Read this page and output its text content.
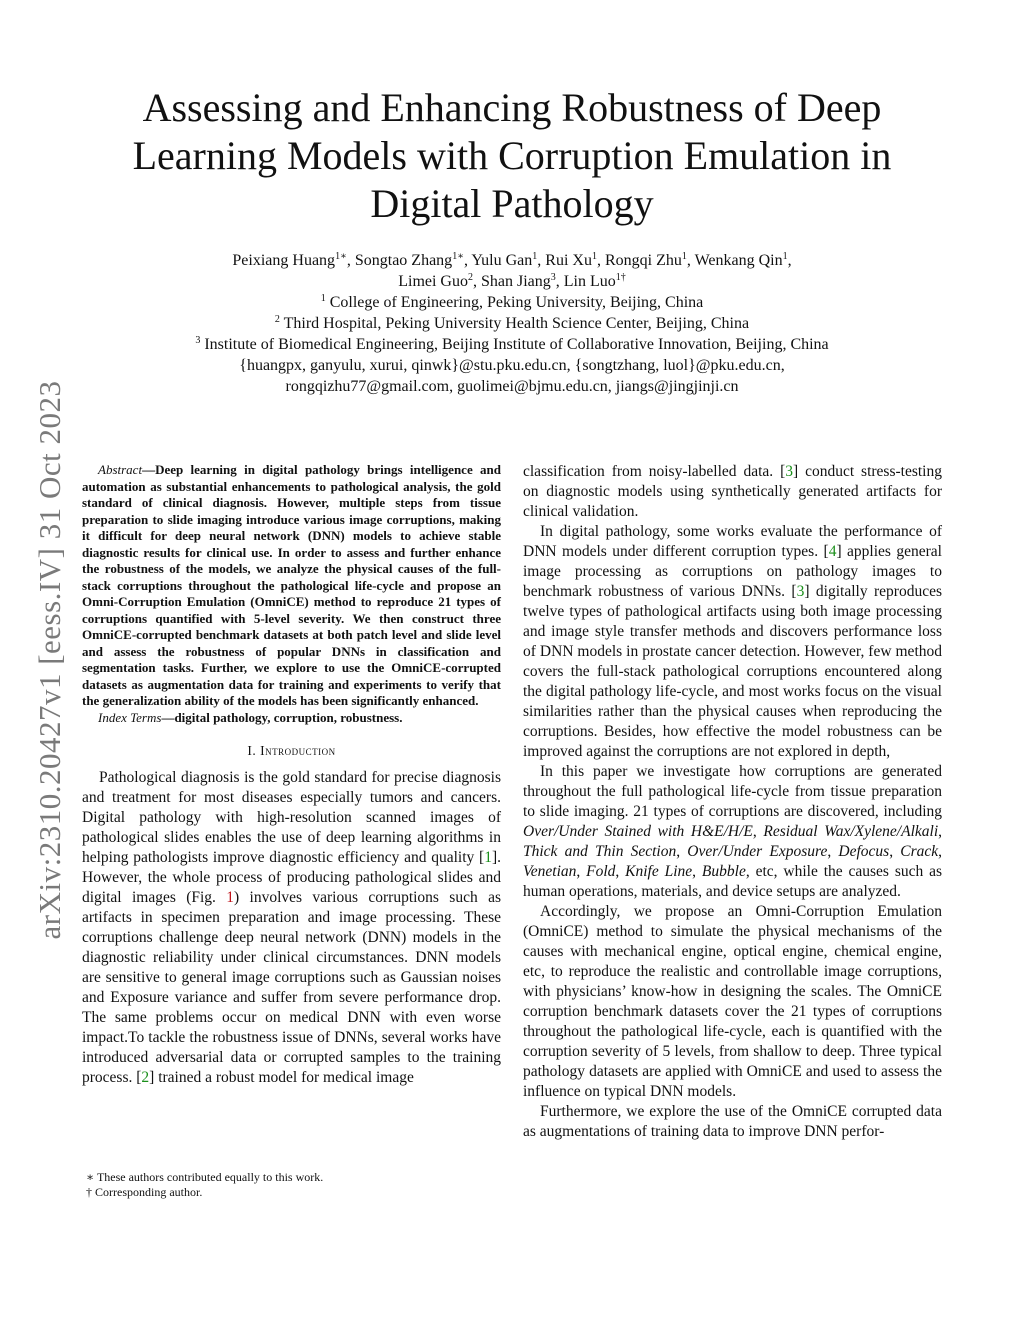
arXiv:2310.20427v1 [eess.IV] 31 Oct 2023
Assessing and Enhancing Robustness of Deep Learning Models with Corruption Emulation in Digital Pathology

Peixiang Huang$^{1∗}$, Songtao Zhang$^{1∗}$, Yulu Gan$^1$, Rui Xu$^1$, Rongqi Zhu$^1$, Wenkang Qin$^1$,

Limei Guo$^2$, Shan Jiang$^3$, Lin Luo$^{1\dagger}$

$^1$ College of Engineering, Peking University, Beijing, China

$^2$ Third Hospital, Peking University Health Science Center, Beijing, China

$^3$ Institute of Biomedical Engineering, Beijing Institute of Collaborative Innovation, Beijing, China

{huangpx, ganyulu, xurui, qinwk}@stu.pku.edu.cn, {songtzhang, luol}@pku.edu.cn,

rongqizhu77@gmail.com, guolimei@bjmu.edu.cn, jiangs@jingjinji.cn

Abstract—Deep learning in digital pathology brings intelligence and automation as substantial enhancements to pathological analysis, the gold standard of clinical diagnosis. However, multiple steps from tissue preparation to slide imaging introduce various image corruptions, making it difficult for deep neural network (DNN) models to achieve stable diagnostic results for clinical use. In order to assess and further enhance the robustness of the models, we analyze the physical causes of the full-stack corruptions throughout the pathological life-cycle and propose an Omni-Corruption Emulation (OmniCE) method to reproduce 21 types of corruptions quantified with 5-level severity. We then construct three OmniCE-corrupted benchmark datasets at both patch level and slide level and assess the robustness of popular DNNs in classification and segmentation tasks. Further, we explore to use the OmniCE-corrupted datasets as augmentation data for training and experiments to verify that the generalization ability of the models has been significantly enhanced.

Index Terms—digital pathology, corruption, robustness.

I. Introduction

Pathological diagnosis is the gold standard for precise diagnosis and treatment for most diseases especially tumors and cancers. Digital pathology with high-resolution scanned images of pathological slides enables the use of deep learning algorithms in helping pathologists improve diagnostic efficiency and quality [1]. However, the whole process of producing pathological slides and digital images (Fig. 1) involves various corruptions such as artifacts in specimen preparation and image processing. These corruptions challenge deep neural network (DNN) models in the diagnostic reliability under clinical circumstances. DNN models are sensitive to general image corruptions such as Gaussian noises and Exposure variance and suffer from severe performance drop. The same problems occur on medical DNN with even worse impact.To tackle the robustness issue of DNNs, several works have introduced adversarial data or corrupted samples to the training process. [2] trained a robust model for medical image

classification from noisy-labelled data. [3] conduct stress-testing on diagnostic models using synthetically generated artifacts for clinical validation.

In digital pathology, some works evaluate the performance of DNN models under different corruption types. [4] applies general image processing as corruptions on pathology images to benchmark robustness of various DNNs. [3] digitally reproduces twelve types of pathological artifacts using both image processing and image style transfer methods and discovers performance loss of DNN models in prostate cancer detection. However, few method covers the full-stack pathological corruptions encountered along the digital pathology life-cycle, and most works focus on the visual similarities rather than the physical causes when reproducing the corruptions. Besides, how effective the model robustness can be improved against the corruptions are not explored in depth,

In this paper we investigate how corruptions are generated throughout the full pathological life-cycle from tissue preparation to slide imaging. 21 types of corruptions are discovered, including Over/Under Stained with H&E/H/E, Residual Wax/Xylene/Alkali, Thick and Thin Section, Over/Under Exposure, Defocus, Crack, Venetian, Fold, Knife Line, Bubble, etc, while the causes such as human operations, materials, and device setups are analyzed.

Accordingly, we propose an Omni-Corruption Emulation (OmniCE) method to simulate the physical mechanisms of the causes with mechanical engine, optical engine, chemical engine, etc, to reproduce the realistic and controllable image corruptions, with physicians’ know-how in designing the scales. The OmniCE corruption benchmark datasets cover the 21 types of corruptions throughout the pathological life-cycle, each is quantified with the corruption severity of 5 levels, from shallow to deep. Three typical pathology datasets are applied with OmniCE and used to assess the influence on typical DNN models.

Furthermore, we explore the use of the OmniCE corrupted data as augmentations of training data to improve DNN perfor-

∗ These authors contributed equally to this work.

† Corresponding author.
